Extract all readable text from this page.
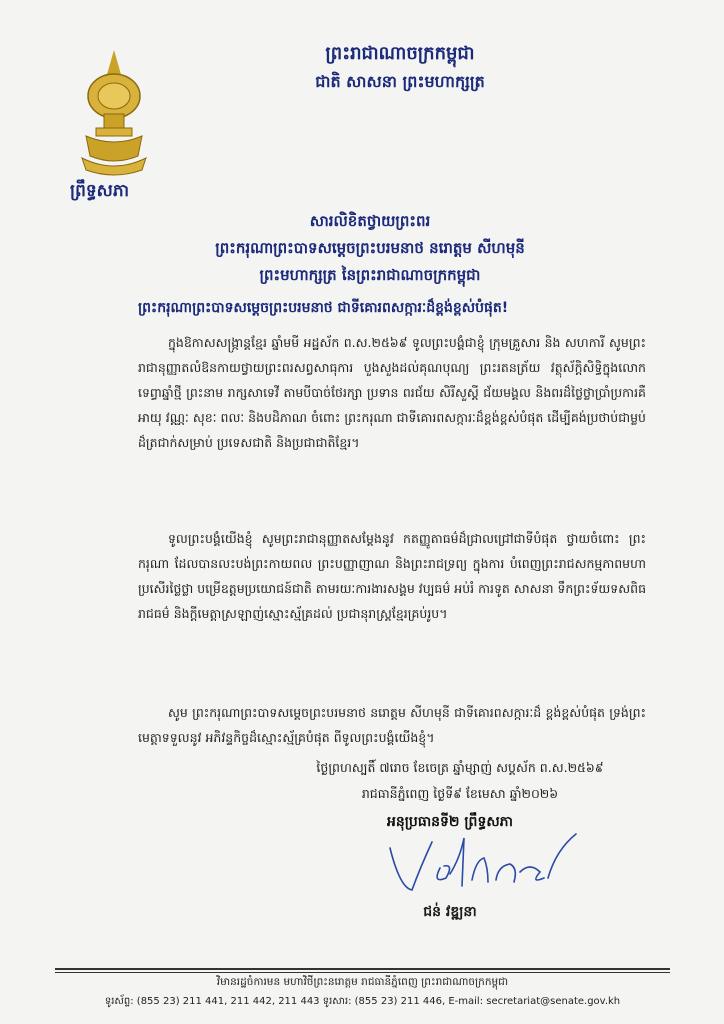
ព្រឹទ្ធសភា
ព្រះរាជាណាចក្រកម្ពុជា
ជាតិ សាសនា ព្រះមហាក្សត្រ
សារលិខិតថ្វាយព្រះពរ
ព្រះករុណាព្រះបាទសម្តេចព្រះបរមនាថ នរោត្តម សីហមុនី
ព្រះមហាក្សត្រ នៃព្រះរាជាណាចក្រកម្ពុជា
ព្រះករុណាព្រះបាទសម្តេចព្រះបរមនាថ ជាទីគោរពសក្ការៈដ៏ខ្ពង់ខ្ពស់បំផុត!
ក្នុងឱកាសសង្ក្រាន្តខ្មែរ ឆ្នាំមមី អដ្ឋស័ក ព.ស.២៥៦៩ ទូលព្រះបង្គំជាខ្ញុំ ក្រុមគ្រួសារ និង សហការី សូមព្រះរាជានុញ្ញាតលំឱនកាយថ្វាយព្រះពរសព្វសាធុការ បួងសួងដល់គុណបុណ្យ ព្រះរតនត្រ័យ វត្ថុស័ក្តិសិទ្ធិក្នុងលោក ទេព្ធាឆ្នាំថ្មី ព្រះនាម រាក្សសាទេវី តាមបីបាច់ថែរក្សា ប្រទាន ពរជ័យ សិរីសួស្តី ជ័យមង្គល និងពរដ៏ថ្លៃថ្លាប្រាំប្រការគឺ អាយុ វណ្ណៈ សុខៈ ពលៈ និងបដិភាណ ចំពោះ ព្រះករុណា ជាទីគោរពសក្ការៈដ៏ខ្ពង់ខ្ពស់បំផុត ដើម្បីគង់ប្រថាប់ជាម្លប់ដ៏ត្រជាក់សម្រាប់ ប្រទេសជាតិ និងប្រជាជាតិខ្មែរ។
ទូលព្រះបង្គំយើងខ្ញុំ សូមព្រះរាជានុញ្ញាតសម្តែងនូវ កតញ្ញូតាធម៌ដ៏ជ្រាលជ្រៅជាទីបំផុត ថ្វាយចំពោះ ព្រះករុណា ដែលបានលះបង់ព្រះកាយពល ព្រះបញ្ញាញាណ និងព្រះរាជទ្រព្យ ក្នុងការ បំពេញព្រះរាជសកម្មភាពមហាប្រសើរថ្លៃថ្លា បម្រើឧត្តមប្រយោជន៍ជាតិ តាមរយៈការងារសង្គម វប្បធម៌ អប់រំ ការទូត សាសនា ទឹកព្រះទ័យទសពិធរាជធម៌ និងក្តីមេត្តាស្រឡាញ់ស្មោះស្ម័គ្រដល់ ប្រជានុរាស្ត្រខ្មែរគ្រប់រូប។
សូម ព្រះករុណាព្រះបាទសម្តេចព្រះបរមនាថ នរោត្តម សីហមុនី ជាទីគោរពសក្ការៈដ៏ ខ្ពង់ខ្ពស់បំផុត ទ្រង់ព្រះមេត្តាទទួលនូវ អភិវន្ទកិច្ចដ៏ស្មោះស្ម័គ្របំផុត ពីទូលព្រះបង្គំយើងខ្ញុំ។
ថ្ងៃព្រហស្បតិ៍ ៧រោច ខែចេត្រ ឆ្នាំម្សាញ់ សប្តស័ក ព.ស.២៥៦៩
រាជធានីភ្នំពេញ ថ្ងៃទី៩ ខែមេសា ឆ្នាំ២០២៦
អនុប្រធានទី២ ព្រឹទ្ធសភា
ជន់ វឌ្ឍនា
វិមានរដ្ឋចំការមន មហាវិថីព្រះនរោត្តម រាជធានីភ្នំពេញ ព្រះរាជាណាចក្រកម្ពុជា
ទូរស័ព្ទ: (855 23) 211 441, 211 442, 211 443 ទូរសារ: (855 23) 211 446, E-mail: secretariat@senate.gov.kh
